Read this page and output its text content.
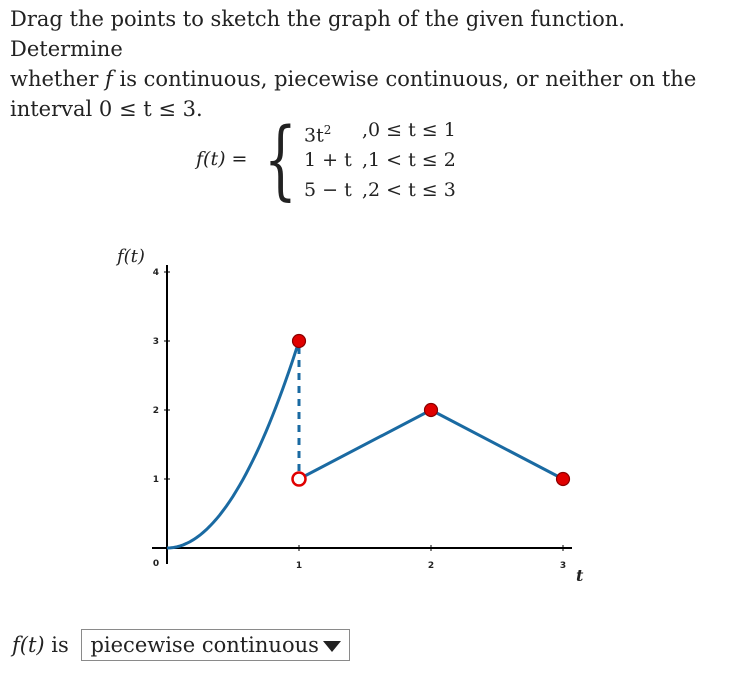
Drag the points to sketch the graph of the given function. Determine
whether f is continuous, piecewise continuous, or neither on the
interval 0 ≤ t ≤ 3.
f(t) = { $3t^2$ ,0 ≤ t ≤ 1
1 + t ,1 < t ≤ 2
5 − t ,2 < t ≤ 3
0	1	2	3
1
2
3
4
f(t)
t
f(t) is piecewise continuous
